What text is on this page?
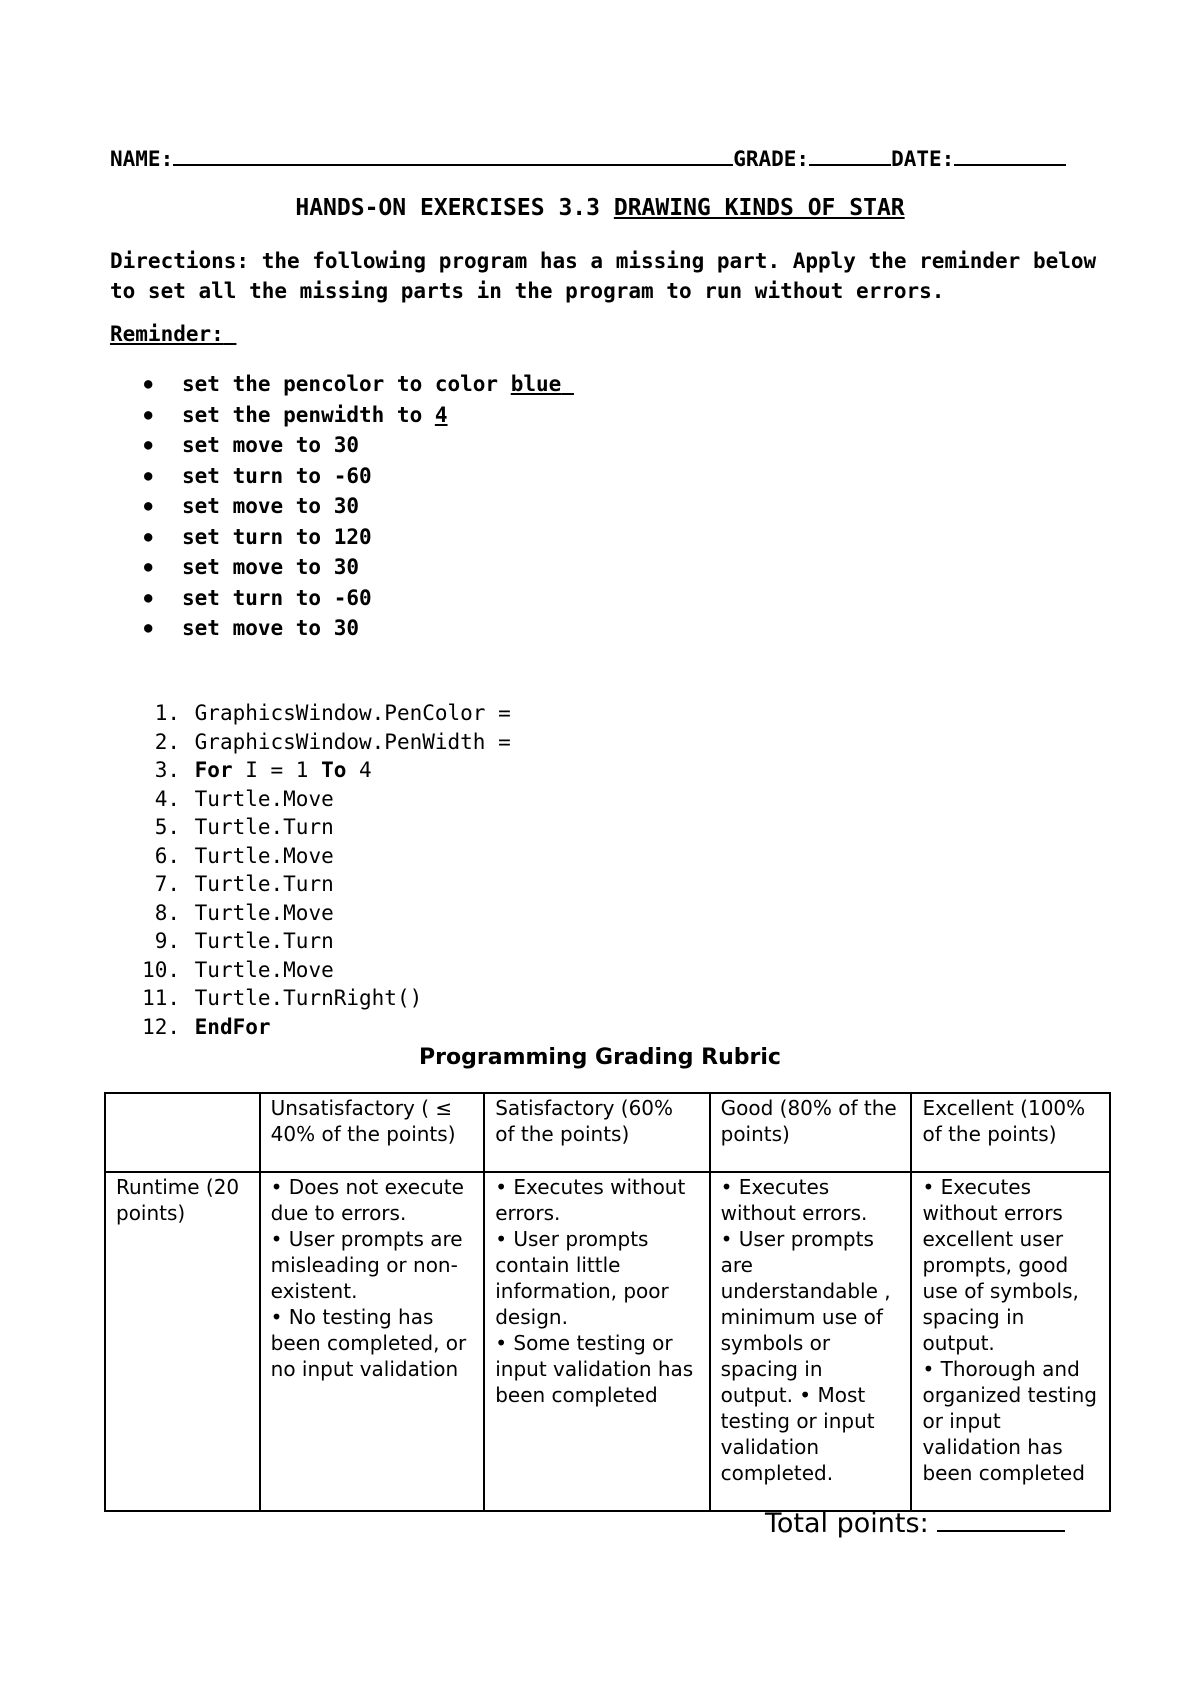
NAME:	GRADE:	DATE:
HANDS-ON EXERCISES 3.3 DRAWING KINDS OF STAR
Directions: the following program has a missing part. Apply the reminder below to set all the missing parts in the program to run without errors.
Reminder:
● set the pencolor to color blue
● set the penwidth to 4
● set move to 30
● set turn to -60
● set move to 30
● set turn to 120
● set move to 30
● set turn to -60
● set move to 30
1. GraphicsWindow.PenColor =
2. GraphicsWindow.PenWidth =
3. For I = 1 To 4
4. Turtle.Move
5. Turtle.Turn
6. Turtle.Move
7. Turtle.Turn
8. Turtle.Move
9. Turtle.Turn
10. Turtle.Move
11. Turtle.TurnRight()
12. EndFor
Programming Grading Rubric
	Unsatisfactory ( ≤ 40% of the points)	Satisfactory (60% of the points)	Good (80% of the points)	Excellent (100% of the points)
Runtime (20 points)	• Does not execute due to errors.
• User prompts are misleading or non-existent.
• No testing has been completed, or no input validation	• Executes without errors.
• User prompts contain little information, poor design.
• Some testing or input validation has been completed	• Executes without errors.
• User prompts are understandable , minimum use of symbols or spacing in output. • Most testing or input validation completed.	• Executes without errors excellent user prompts, good use of symbols, spacing in output.
• Thorough and organized testing or input validation has been completed
Total points:
